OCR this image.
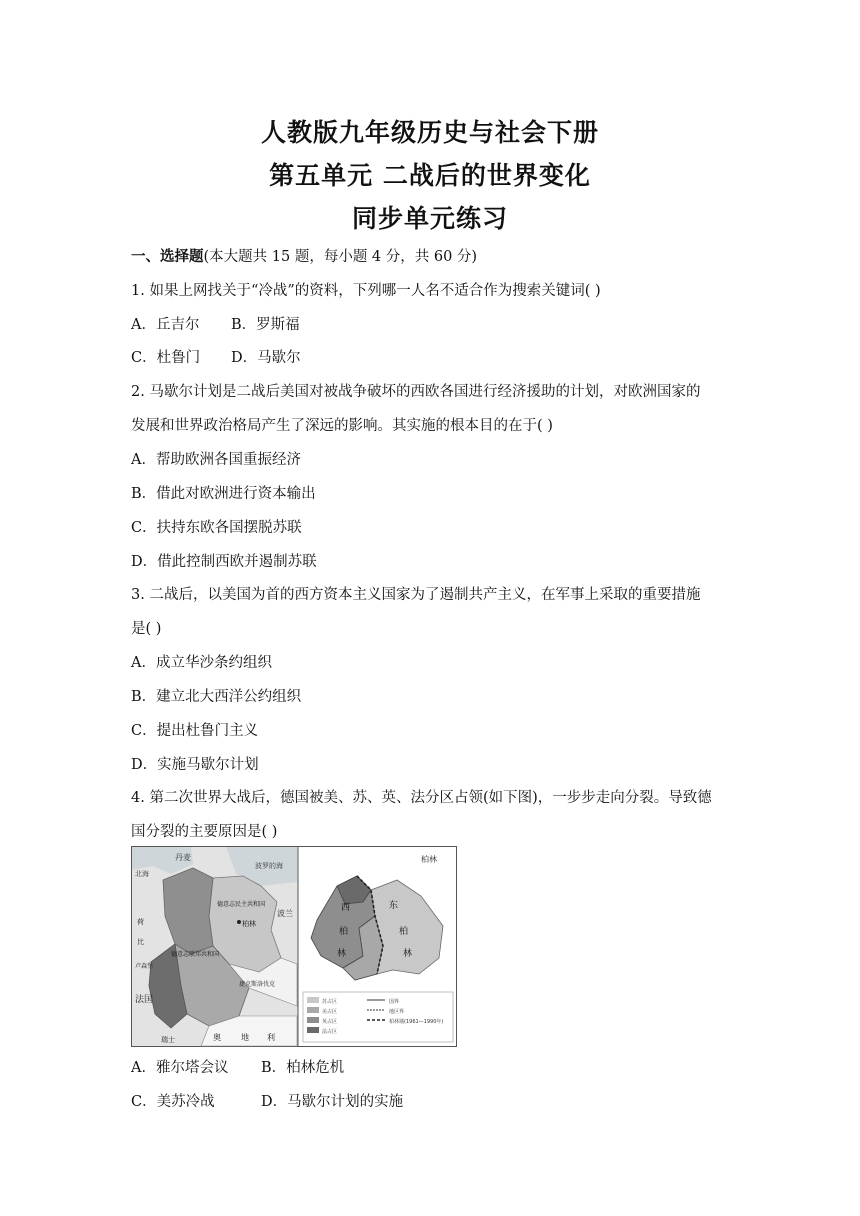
人教版九年级历史与社会下册
第五单元 二战后的世界变化
同步单元练习
一、选择题(本大题共 15 题，每小题 4 分，共 60 分)
1. 如果上网找关于“冷战”的资料，下列哪一人名不适合作为搜索关键词( )
A．丘吉尔 B．罗斯福
C．杜鲁门 D．马歇尔
2. 马歇尔计划是二战后美国对被战争破坏的西欧各国进行经济援助的计划，对欧洲国家的
发展和世界政治格局产生了深远的影响。其实施的根本目的在于( )
A．帮助欧洲各国重振经济
B．借此对欧洲进行资本输出
C．扶持东欧各国摆脱苏联
D．借此控制西欧并遏制苏联
3. 二战后，以美国为首的西方资本主义国家为了遏制共产主义，在军事上采取的重要措施
是( )
A．成立华沙条约组织
B．建立北大西洋公约组织
C．提出杜鲁门主义
D．实施马歇尔计划
4. 第二次世界大战后，德国被美、苏、英、法分区占领(如下图)，一步步走向分裂。导致德
国分裂的主要原因是( )
丹麦
北海
波罗的海
德意志民主共和国
柏林
波兰
德意志联邦共和国
荷
比
卢森堡
法国
捷克斯洛伐克
奥	地 利
瑞士
柏林
西
柏
林
东
柏
林
苏占区
美占区
英占区
法占区
国界
地区界
柏林墙(1961—1990年)
A．雅尔塔会议 B．柏林危机
C．美苏冷战	D．马歇尔计划的实施
